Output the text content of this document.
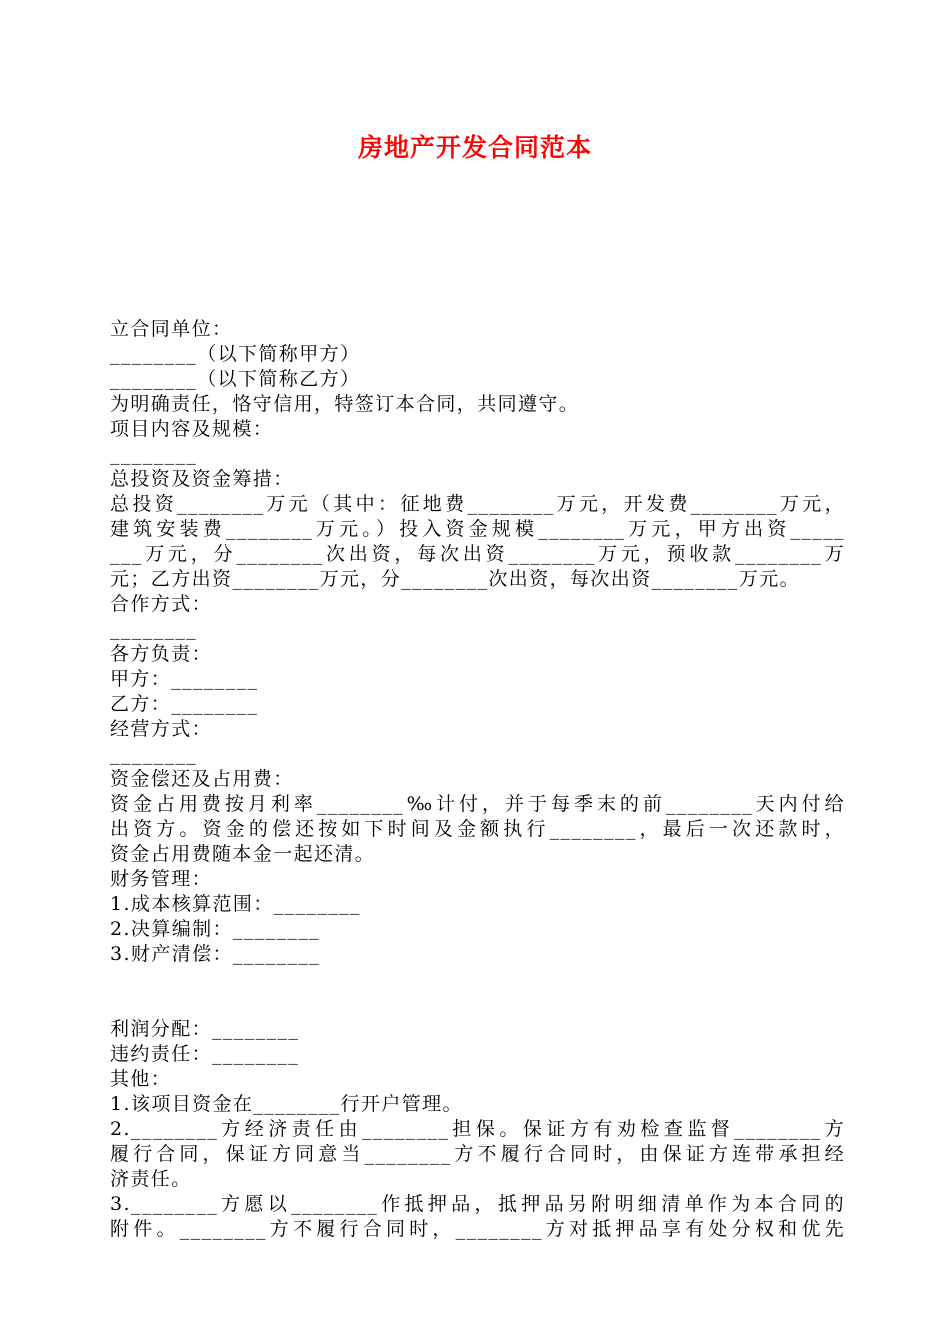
房地产开发合同范本
立合同单位：
________（以下简称甲方）
________（以下简称乙方）
为明确责任，恪守信用，特签订本合同，共同遵守。
项目内容及规模：
________
总投资及资金筹措：
总投资________万元（其中：征地费________万元，开发费________万元，
建筑安装费________万元。）投入资金规模________万元，甲方出资_____
___万元，分________次出资，每次出资________万元，预收款________万
元；乙方出资________万元，分________次出资，每次出资________万元。
合作方式：
________
各方负责：
甲方：________
乙方：________
经营方式：
________
资金偿还及占用费：
资金占用费按月利率________‰计付，并于每季末的前________天内付给
出资方。资金的偿还按如下时间及金额执行________，最后一次还款时，
资金占用费随本金一起还清。
财务管理：
1.成本核算范围：________
2.决算编制：________
3.财产清偿：________
利润分配：________
违约责任：________
其他：
1.该项目资金在________行开户管理。
2.________方经济责任由________担保。保证方有劝检查监督________方
履行合同，保证方同意当________方不履行合同时，由保证方连带承担经
济责任。
3.________方愿以________作抵押品，抵押品另附明细清单作为本合同的
附件。________方不履行合同时，________方对抵押品享有处分权和优先
